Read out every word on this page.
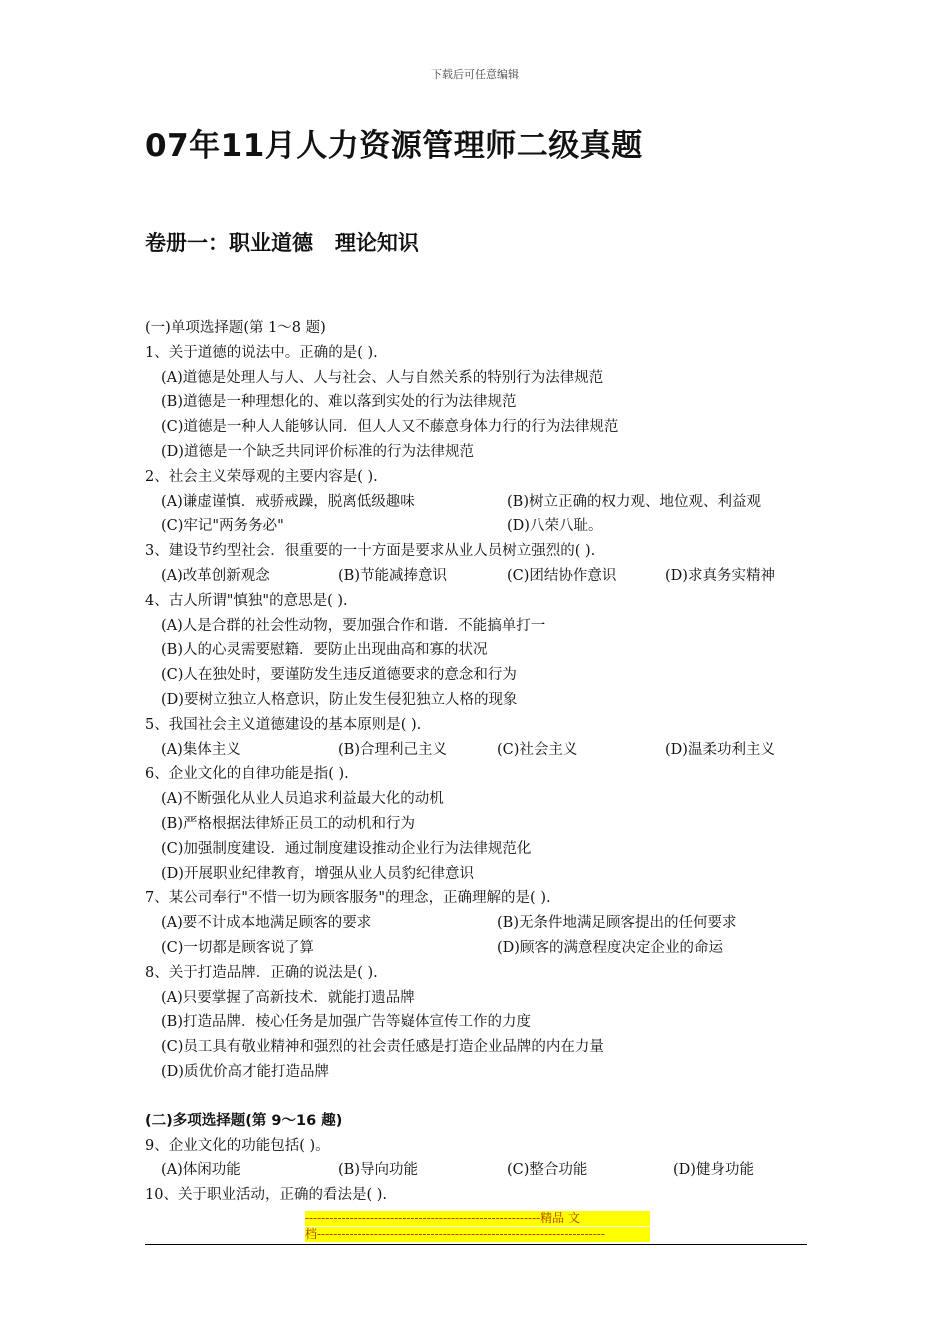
下载后可任意编辑
07年11月人力资源管理师二级真题
卷册一：职业道德   理论知识
(一)单项选择题(第 1～8 题)
1、关于道德的说法中。正确的是( ).
(A)道德是处理人与人、人与社会、人与自然关系的特别行为法律规范
(B)道德是一种理想化的、难以落到实处的行为法律规范
(C)道德是一种人人能够认同．但人人又不藤意身体力行的行为法律规范
(D)道德是一个缺乏共同评价标准的行为法律规范
2、社会主义荣辱观的主要内容是( ).
(A)谦虚谨慎．戒骄戒躁，脱离低级趣味	(B)树立正确的权力观、地位观、利益观
(C)牢记"两务务必"	(D)八荣八耻。
3、建设节约型社会．很重要的一十方面是要求从业人员树立强烈的( ).
(A)改革创新观念	(B)节能减捧意识	(C)团结协作意识	(D)求真务实精神
4、古人所谓"慎独"的意思是( ).
(A)人是合群的社会性动物，要加强合作和谐．不能搞单打一
(B)人的心灵需要慰籍．要防止出现曲高和寡的状况
(C)人在独处时，要谨防发生违反道德要求的意念和行为
(D)要树立独立人格意识，防止发生侵犯独立人格的现象
5、我国社会主义道德建设的基本原则是( ).
(A)集体主义	(B)合理利己主义	(C)社会主义	(D)温柔功利主义
6、企业文化的自律功能是指( ).
(A)不断强化从业人员追求利益最大化的动机
(B)严格根据法律矫正员工的动机和行为
(C)加强制度建设．通过制度建设推动企业行为法律规范化
(D)开展职业纪律教育，增强从业人员豹纪律意识
7、某公司奉行"不惜一切为顾客服务"的理念，正确理解的是( ).
(A)要不计成本地满足顾客的要求	(B)无条件地满足顾客提出的任何要求
(C)一切都是顾客说了算	(D)顾客的满意程度决定企业的命运
8、关于打造品牌．正确的说法是( ).
(A)只要掌握了高新技术．就能打遗品牌
(B)打造品牌．棱心任务是加强广告等嶷体宣传工作的力度
(C)员工具有敬业精神和强烈的社会责任感是打造企业品牌的内在力量
(D)质优价高才能打造品牌
(二)多项选择题(第 9～16 趣)
9、企业文化的功能包括( )。
(A)体闲功能	(B)导向功能	(C)整合功能	(D)健身功能
10、关于职业活动，正确的看法是( ).
----------------------------------------------------------精品 文
档-----------------------------------------------------------------------
